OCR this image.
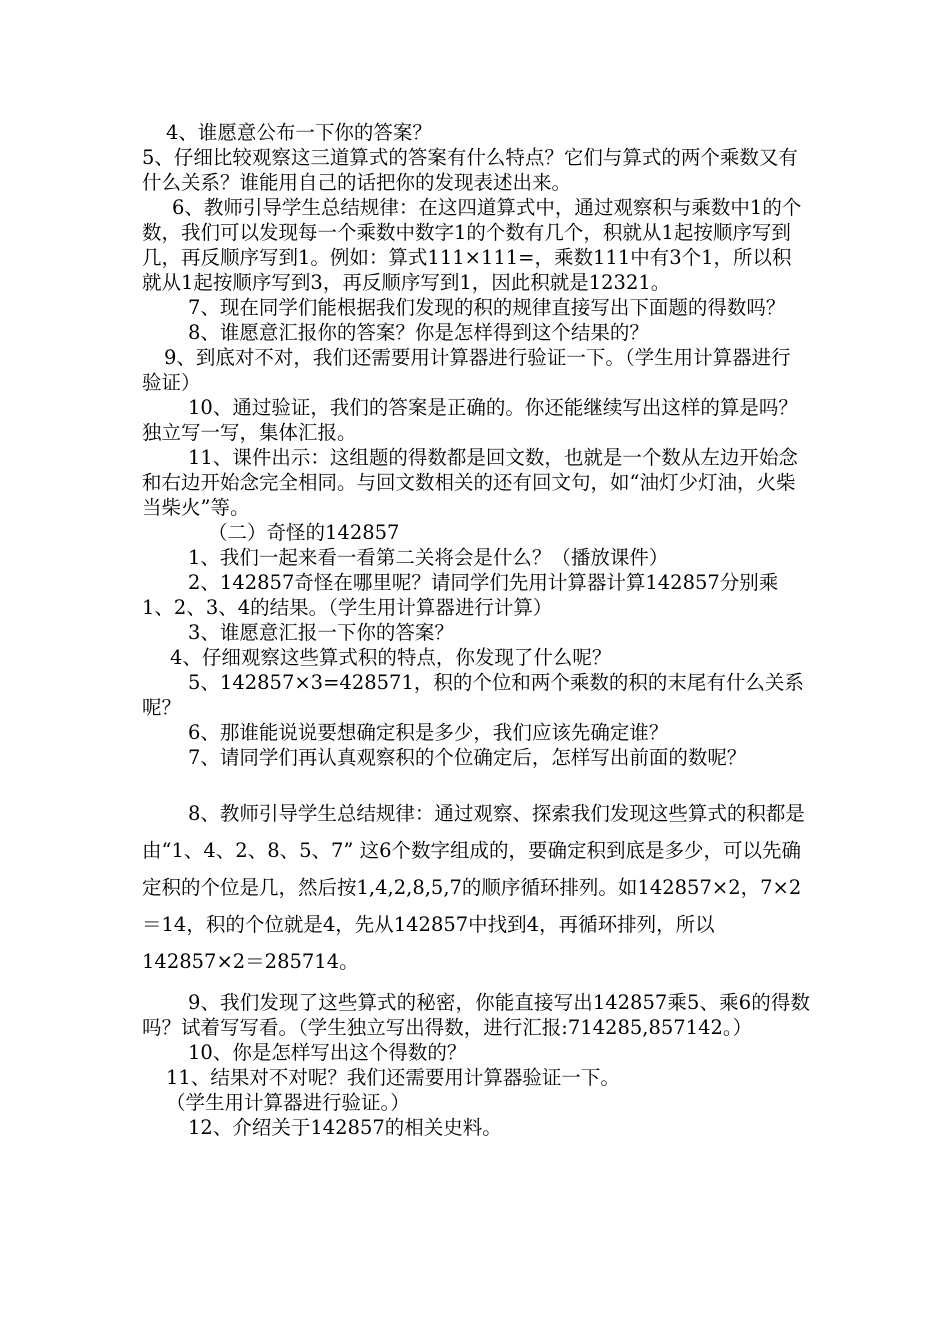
4、谁愿意公布一下你的答案？

5、仔细比较观察这三道算式的答案有什么特点？它们与算式的两个乘数又有什么关系？谁能用自己的话把你的发现表述出来。

6、教师引导学生总结规律：在这四道算式中，通过观察积与乘数中1的个数，我们可以发现每一个乘数中数字1的个数有几个，积就从1起按顺序写到几，再反顺序写到1。例如：算式111×111=，乘数111中有3个1，所以积就从1起按顺序写到3，再反顺序写到1，因此积就是12321。

7、现在同学们能根据我们发现的积的规律直接写出下面题的得数吗？

8、谁愿意汇报你的答案？你是怎样得到这个结果的？

9、到底对不对，我们还需要用计算器进行验证一下。（学生用计算器进行验证）

10、通过验证，我们的答案是正确的。你还能继续写出这样的算是吗？独立写一写，集体汇报。

11、课件出示：这组题的得数都是回文数，也就是一个数从左边开始念和右边开始念完全相同。与回文数相关的还有回文句，如“油灯少灯油，火柴当柴火”等。

（二）奇怪的142857

1、我们一起来看一看第二关将会是什么？（播放课件）

2、142857奇怪在哪里呢？请同学们先用计算器计算142857分别乘1、2、3、4的结果。（学生用计算器进行计算）

3、谁愿意汇报一下你的答案？

4、仔细观察这些算式积的特点，你发现了什么呢？

5、142857×3=428571，积的个位和两个乘数的积的末尾有什么关系呢？

6、那谁能说说要想确定积是多少，我们应该先确定谁？

7、请同学们再认真观察积的个位确定后，怎样写出前面的数呢？

8、教师引导学生总结规律：通过观察、探索我们发现这些算式的积都是由“1、4、2、8、5、7” 这6个数字组成的，要确定积到底是多少，可以先确定积的个位是几，然后按1,4,2,8,5,7的顺序循环排列。如142857×2，7×2＝14，积的个位就是4，先从142857中找到4，再循环排列，所以142857×2＝285714。

9、我们发现了这些算式的秘密，你能直接写出142857乘5、乘6的得数吗？试着写写看。（学生独立写出得数，进行汇报:714285,857142。）

10、你是怎样写出这个得数的？

11、结果对不对呢？我们还需要用计算器验证一下。

（学生用计算器进行验证。）

12、介绍关于142857的相关史料。
